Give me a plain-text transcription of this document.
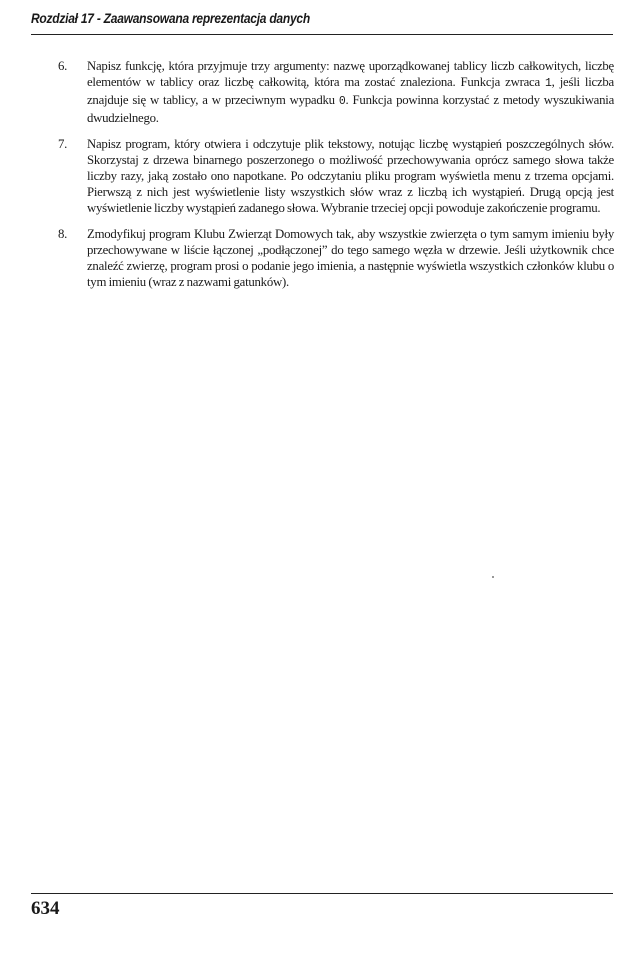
Rozdział 17 - Zaawansowana reprezentacja danych
6. Napisz funkcję, która przyjmuje trzy argumenty: nazwę uporządkowanej tablicy liczb całkowitych, liczbę elementów w tablicy oraz liczbę całkowitą, która ma zostać znaleziona. Funkcja zwraca 1, jeśli liczba znajduje się w tablicy, a w przeciwnym wypadku 0. Funkcja powinna korzystać z metody wyszukiwania dwudzielnego.
7. Napisz program, który otwiera i odczytuje plik tekstowy, notując liczbę wystąpień poszczególnych słów. Skorzystaj z drzewa binarnego poszerzonego o możliwość przechowywania oprócz samego słowa także liczby razy, jaką zostało ono napotkane. Po odczytaniu pliku program wyświetla menu z trzema opcjami. Pierwszą z nich jest wyświetlenie listy wszystkich słów wraz z liczbą ich wystąpień. Drugą opcją jest wyświetlenie liczby wystąpień zadanego słowa. Wybranie trzeciej opcji powoduje zakończenie programu.
8. Zmodyfikuj program Klubu Zwierząt Domowych tak, aby wszystkie zwierzęta o tym samym imieniu były przechowywane w liście łączonej „podłączonej” do tego samego węzła w drzewie. Jeśli użytkownik chce znaleźć zwierzę, program prosi o podanie jego imienia, a następnie wyświetla wszystkich członków klubu o tym imieniu (wraz z nazwami gatunków).
634
